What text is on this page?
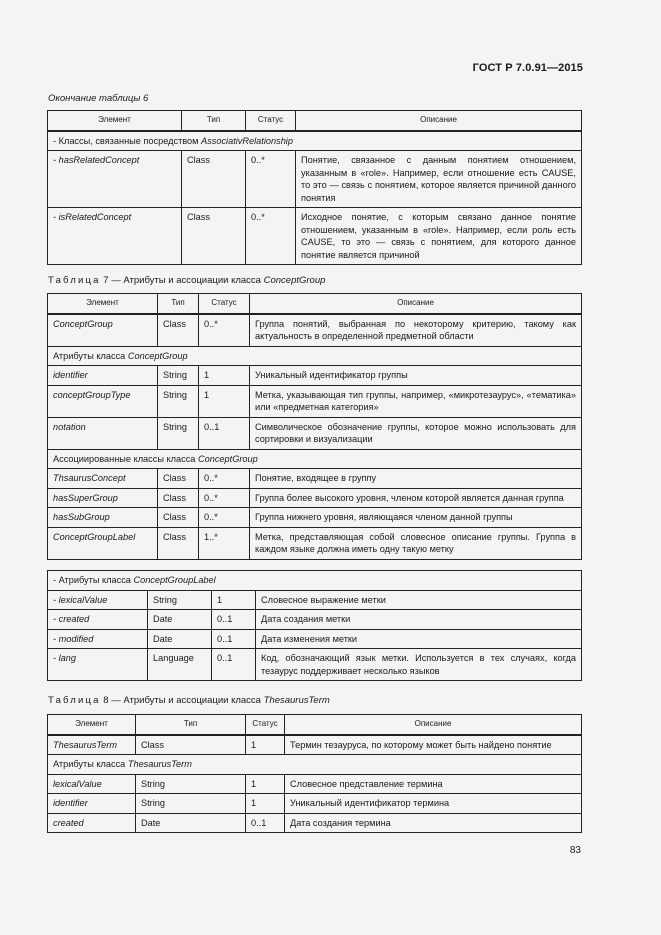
ГОСТ Р 7.0.91—2015
Окончание таблицы 6
Элемент	Тип	Статус	Описание
- Классы, связанные посредством AssociativRelationship			
- hasRelatedConcept	Class	0..*	Понятие, связанное с данным понятием отношением, указанным в «role». Например, если отношение есть CAUSE, то это — связь с понятием, которое является причиной данного понятия
- isRelatedConcept	Class	0..*	Исходное понятие, с которым связано данное понятие отношением, указанным в «role». Например, если роль есть CAUSE, то это — связь с понятием, для которого данное понятие является причиной
Таблица 7 — Атрибуты и ассоциации класса ConceptGroup
Элемент	Тип	Статус	Описание
ConceptGroup	Class	0..*	Группа понятий, выбранная по некоторому критерию, такому как актуальность в определенной предметной области
Атрибуты класса ConceptGroup			
identifier	String	1	Уникальный идентификатор группы
conceptGroupType	String	1	Метка, указывающая тип группы, например, «микротезаурус», «тематика» или «предметная категория»
notation	String	0..1	Символическое обозначение группы, которое можно использовать для сортировки и визуализации
Ассоциированные классы класса ConceptGroup			
ThsaurusConcept	Class	0..*	Понятие, входящее в группу
hasSuperGroup	Class	0..*	Группа более высокого уровня, членом которой является данная группа
hasSubGroup	Class	0..*	Группа нижнего уровня, являющаяся членом данной группы
ConceptGroupLabel	Class	1..*	Метка, представляющая собой словесное описание группы. Группа в каждом языке должна иметь одну такую метку
- Атрибуты класса ConceptGroupLabel			
- lexicalValue	String	1	Словесное выражение метки
- created	Date	0..1	Дата создания метки
- modified	Date	0..1	Дата изменения метки
- lang	Language	0..1	Код, обозначающий язык метки. Используется в тех случаях, когда тезаурус поддерживает несколько языков
Таблица 8 — Атрибуты и ассоциации класса ThesaurusTerm
Элемент	Тип	Статус	Описание
ThesaurusTerm	Class	1	Термин тезауруса, по которому может быть найдено понятие
Атрибуты класса ThesaurusTerm			
lexicalValue	String	1	Словесное представление термина
identifier	String	1	Уникальный идентификатор термина
created	Date	0..1	Дата создания термина
83
